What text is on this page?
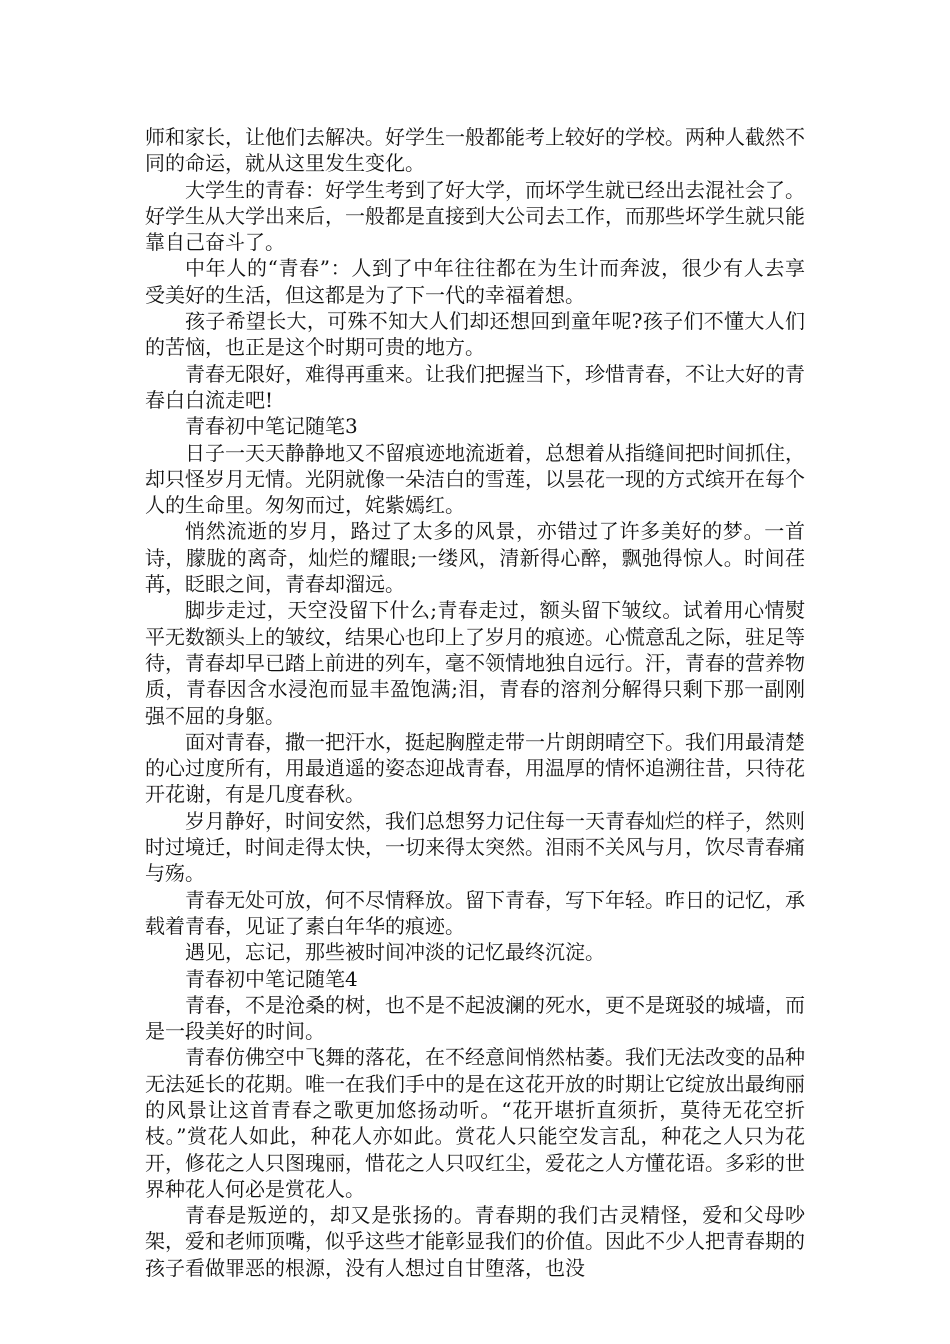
师和家长，让他们去解决。好学生一般都能考上较好的学校。两种人截然不同的命运，就从这里发生变化。

大学生的青春：好学生考到了好大学，而坏学生就已经出去混社会了。好学生从大学出来后，一般都是直接到大公司去工作，而那些坏学生就只能靠自己奋斗了。

中年人的“青春”：人到了中年往往都在为生计而奔波，很少有人去享受美好的生活，但这都是为了下一代的幸福着想。

孩子希望长大，可殊不知大人们却还想回到童年呢?孩子们不懂大人们的苦恼，也正是这个时期可贵的地方。

青春无限好，难得再重来。让我们把握当下，珍惜青春，不让大好的青春白白流走吧!

青春初中笔记随笔3

日子一天天静静地又不留痕迹地流逝着，总想着从指缝间把时间抓住，却只怪岁月无情。光阴就像一朵洁白的雪莲，以昙花一现的方式缤开在每个人的生命里。匆匆而过，姹紫嫣红。

悄然流逝的岁月，路过了太多的风景，亦错过了许多美好的梦。一首诗，朦胧的离奇，灿烂的耀眼;一缕风，清新得心醉，飘弛得惊人。时间荏苒，眨眼之间，青春却溜远。

脚步走过，天空没留下什么;青春走过，额头留下皱纹。试着用心情熨平无数额头上的皱纹，结果心也印上了岁月的痕迹。心慌意乱之际，驻足等待，青春却早已踏上前进的列车，毫不领情地独自远行。汗，青春的营养物质，青春因含水浸泡而显丰盈饱满;泪，青春的溶剂分解得只剩下那一副刚强不屈的身躯。

面对青春，撒一把汗水，挺起胸膛走带一片朗朗晴空下。我们用最清楚的心过度所有，用最逍遥的姿态迎战青春，用温厚的情怀追溯往昔，只待花开花谢，有是几度春秋。

岁月静好，时间安然，我们总想努力记住每一天青春灿烂的样子，然则时过境迁，时间走得太快，一切来得太突然。泪雨不关风与月，饮尽青春痛与殇。

青春无处可放，何不尽情释放。留下青春，写下年轻。昨日的记忆，承载着青春，见证了素白年华的痕迹。

遇见，忘记，那些被时间冲淡的记忆最终沉淀。

青春初中笔记随笔4

青春，不是沧桑的树，也不是不起波澜的死水，更不是斑驳的城墙，而是一段美好的时间。

青春仿佛空中飞舞的落花，在不经意间悄然枯萎。我们无法改变的品种无法延长的花期。唯一在我们手中的是在这花开放的时期让它绽放出最绚丽的风景让这首青春之歌更加悠扬动听。“花开堪折直须折，莫待无花空折枝。”赏花人如此，种花人亦如此。赏花人只能空发言乱，种花之人只为花开，修花之人只图瑰丽，惜花之人只叹红尘，爱花之人方懂花语。多彩的世界种花人何必是赏花人。

青春是叛逆的，却又是张扬的。青春期的我们古灵精怪，爱和父母吵架，爱和老师顶嘴，似乎这些才能彰显我们的价值。因此不少人把青春期的孩子看做罪恶的根源，没有人想过自甘堕落，也没
